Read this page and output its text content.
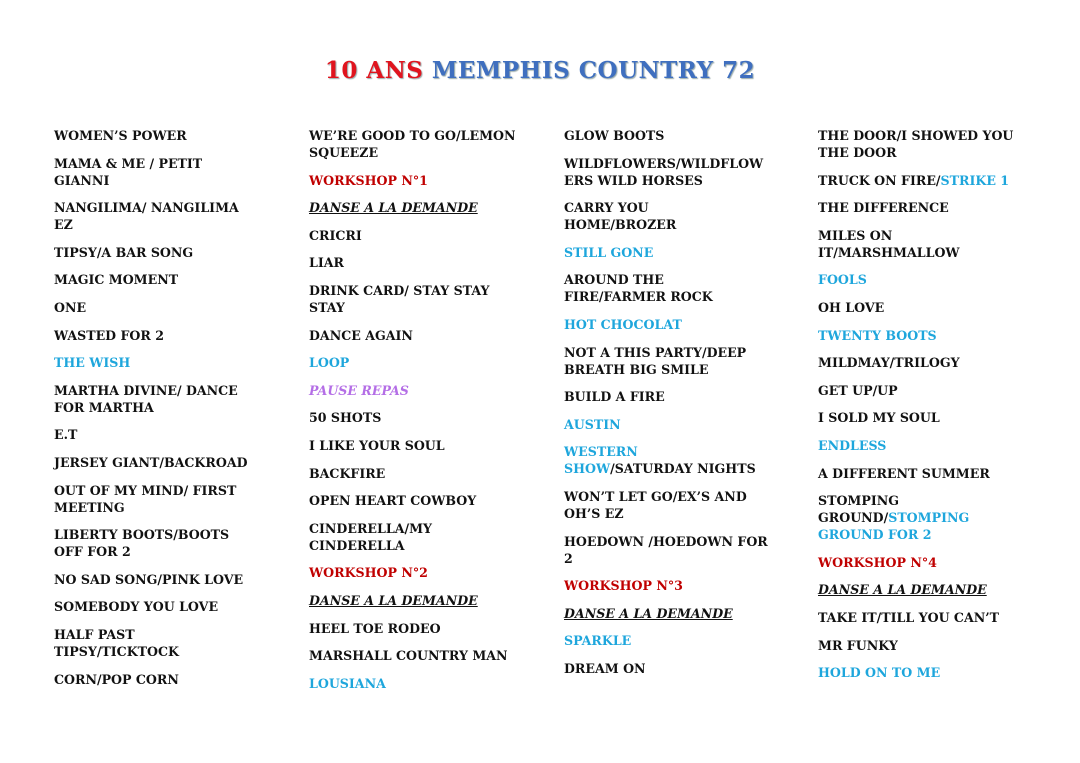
10 ANS MEMPHIS COUNTRY 72
WOMEN’S POWER
MAMA & ME / PETIT
GIANNI
NANGILIMA/ NANGILIMA
EZ
TIPSY/A BAR SONG
MAGIC MOMENT
ONE
WASTED FOR 2
THE WISH
MARTHA DIVINE/ DANCE
FOR MARTHA
E.T
JERSEY GIANT/BACKROAD
OUT OF MY MIND/ FIRST
MEETING
LIBERTY BOOTS/BOOTS
OFF FOR 2
NO SAD SONG/PINK LOVE
SOMEBODY YOU LOVE
HALF PAST
TIPSY/TICKTOCK
CORN/POP CORN
WE’RE GOOD TO GO/LEMON
SQUEEZE
WORKSHOP N°1
DANSE A LA DEMANDE
CRICRI
LIAR
DRINK CARD/ STAY STAY
STAY
DANCE AGAIN
LOOP
PAUSE REPAS
50 SHOTS
I LIKE YOUR SOUL
BACKFIRE
OPEN HEART COWBOY
CINDERELLA/MY
CINDERELLA
WORKSHOP N°2
DANSE A LA DEMANDE
HEEL TOE RODEO
MARSHALL COUNTRY MAN
LOUSIANA
GLOW BOOTS
WILDFLOWERS/WILDFLOW
ERS WILD HORSES
CARRY YOU
HOME/BROZER
STILL GONE
AROUND THE
FIRE/FARMER ROCK
HOT CHOCOLAT
NOT A THIS PARTY/DEEP
BREATH BIG SMILE
BUILD A FIRE
AUSTIN
WESTERN
SHOW/SATURDAY NIGHTS
WON’T LET GO/EX’S AND
OH’S EZ
HOEDOWN /HOEDOWN FOR
2
WORKSHOP N°3
DANSE A LA DEMANDE
SPARKLE
DREAM ON
THE DOOR/I SHOWED YOU
THE DOOR
TRUCK ON FIRE/STRIKE 1
THE DIFFERENCE
MILES ON
IT/MARSHMALLOW
FOOLS
OH LOVE
TWENTY BOOTS
MILDMAY/TRILOGY
GET UP/UP
I SOLD MY SOUL
ENDLESS
A DIFFERENT SUMMER
STOMPING
GROUND/STOMPING
GROUND FOR 2
WORKSHOP N°4
DANSE A LA DEMANDE
TAKE IT/TILL YOU CAN’T
MR FUNKY
HOLD ON TO ME
